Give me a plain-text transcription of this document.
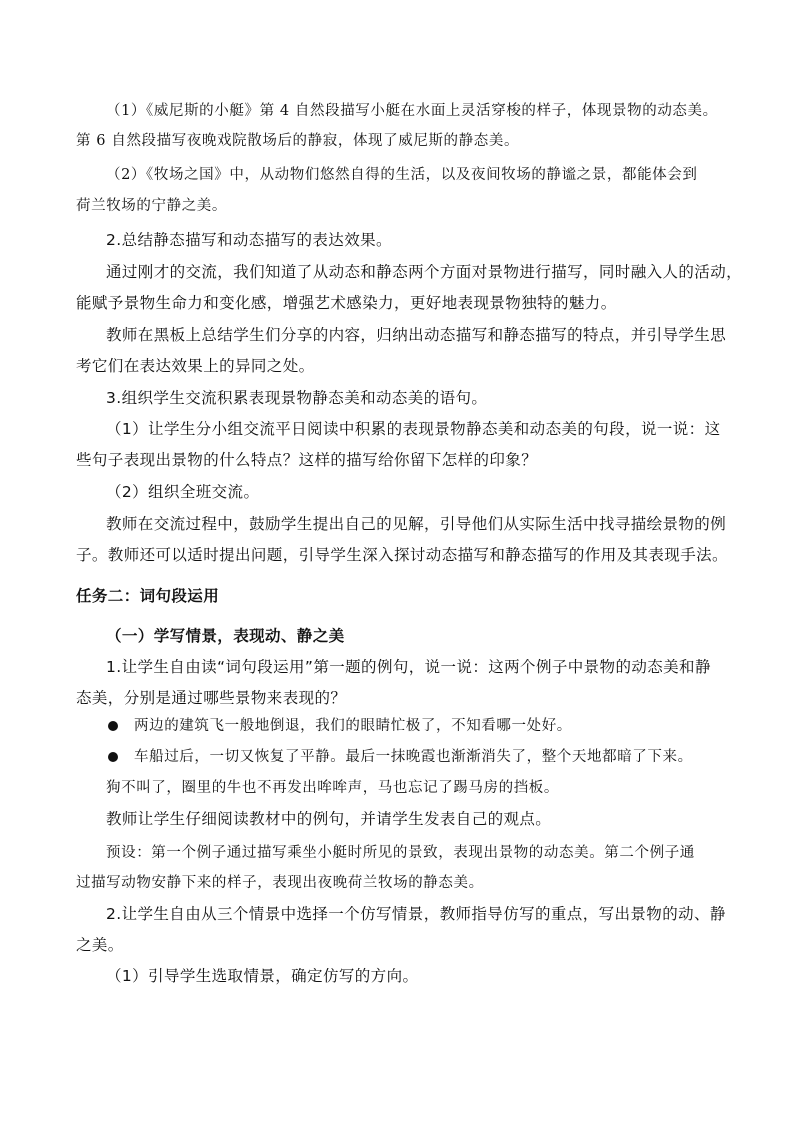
（1）《威尼斯的小艇》第 4 自然段描写小艇在水面上灵活穿梭的样子，体现景物的动态美。
第 6 自然段描写夜晚戏院散场后的静寂，体现了威尼斯的静态美。
（2）《牧场之国》中，从动物们悠然自得的生活，以及夜间牧场的静谧之景，都能体会到
荷兰牧场的宁静之美。
2.总结静态描写和动态描写的表达效果。
通过刚才的交流，我们知道了从动态和静态两个方面对景物进行描写，同时融入人的活动，
能赋予景物生命力和变化感，增强艺术感染力，更好地表现景物独特的魅力。
教师在黑板上总结学生们分享的内容，归纳出动态描写和静态描写的特点，并引导学生思
考它们在表达效果上的异同之处。
3.组织学生交流积累表现景物静态美和动态美的语句。
（1）让学生分小组交流平日阅读中积累的表现景物静态美和动态美的句段，说一说：这
些句子表现出景物的什么特点？这样的描写给你留下怎样的印象？
（2）组织全班交流。
教师在交流过程中，鼓励学生提出自己的见解，引导他们从实际生活中找寻描绘景物的例
子。教师还可以适时提出问题，引导学生深入探讨动态描写和静态描写的作用及其表现手法。
任务二：词句段运用
（一）学写情景，表现动、静之美
1.让学生自由读“词句段运用”第一题的例句，说一说：这两个例子中景物的动态美和静
态美，分别是通过哪些景物来表现的？
两边的建筑飞一般地倒退，我们的眼睛忙极了，不知看哪一处好。
车船过后，一切又恢复了平静。最后一抹晚霞也渐渐消失了，整个天地都暗了下来。
狗不叫了，圈里的牛也不再发出哞哞声，马也忘记了踢马房的挡板。
教师让学生仔细阅读教材中的例句，并请学生发表自己的观点。
预设：第一个例子通过描写乘坐小艇时所见的景致，表现出景物的动态美。第二个例子通
过描写动物安静下来的样子，表现出夜晚荷兰牧场的静态美。
2.让学生自由从三个情景中选择一个仿写情景，教师指导仿写的重点，写出景物的动、静
之美。
（1）引导学生选取情景，确定仿写的方向。
